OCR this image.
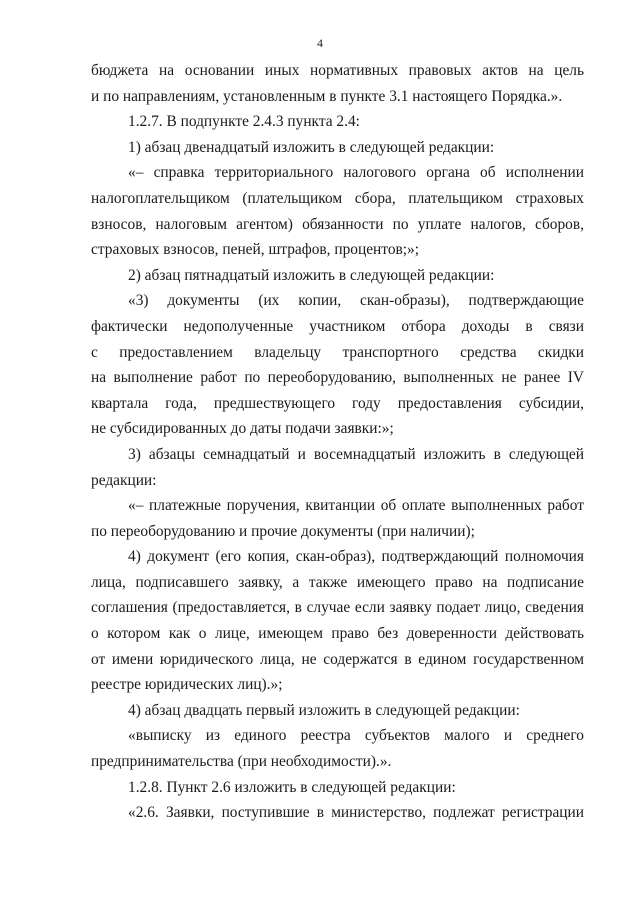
4
бюджета на основании иных нормативных правовых актов на цель
и по направлениям, установленным в пункте 3.1 настоящего Порядка.».
1.2.7. В подпункте 2.4.3 пункта 2.4:
1) абзац двенадцатый изложить в следующей редакции:
«– справка территориального налогового органа об исполнении
налогоплательщиком (плательщиком сбора, плательщиком страховых
взносов, налоговым агентом) обязанности по уплате налогов, сборов,
страховых взносов, пеней, штрафов, процентов;»;
2) абзац пятнадцатый изложить в следующей редакции:
«3) документы (их копии, скан-образы), подтверждающие
фактически недополученные участником отбора доходы в связи
с предоставлением владельцу транспортного средства скидки
на выполнение работ по переоборудованию, выполненных не ранее IV
квартала года, предшествующего году предоставления субсидии,
не субсидированных до даты подачи заявки:»;
3) абзацы семнадцатый и восемнадцатый изложить в следующей
редакции:
«– платежные поручения, квитанции об оплате выполненных работ
по переоборудованию и прочие документы (при наличии);
4) документ (его копия, скан-образ), подтверждающий полномочия
лица, подписавшего заявку, а также имеющего право на подписание
соглашения (предоставляется, в случае если заявку подает лицо, сведения
о котором как о лице, имеющем право без доверенности действовать
от имени юридического лица, не содержатся в едином государственном
реестре юридических лиц).»;
4) абзац двадцать первый изложить в следующей редакции:
«выписку из единого реестра субъектов малого и среднего
предпринимательства (при необходимости).».
1.2.8. Пункт 2.6 изложить в следующей редакции:
«2.6. Заявки, поступившие в министерство, подлежат регистрации
